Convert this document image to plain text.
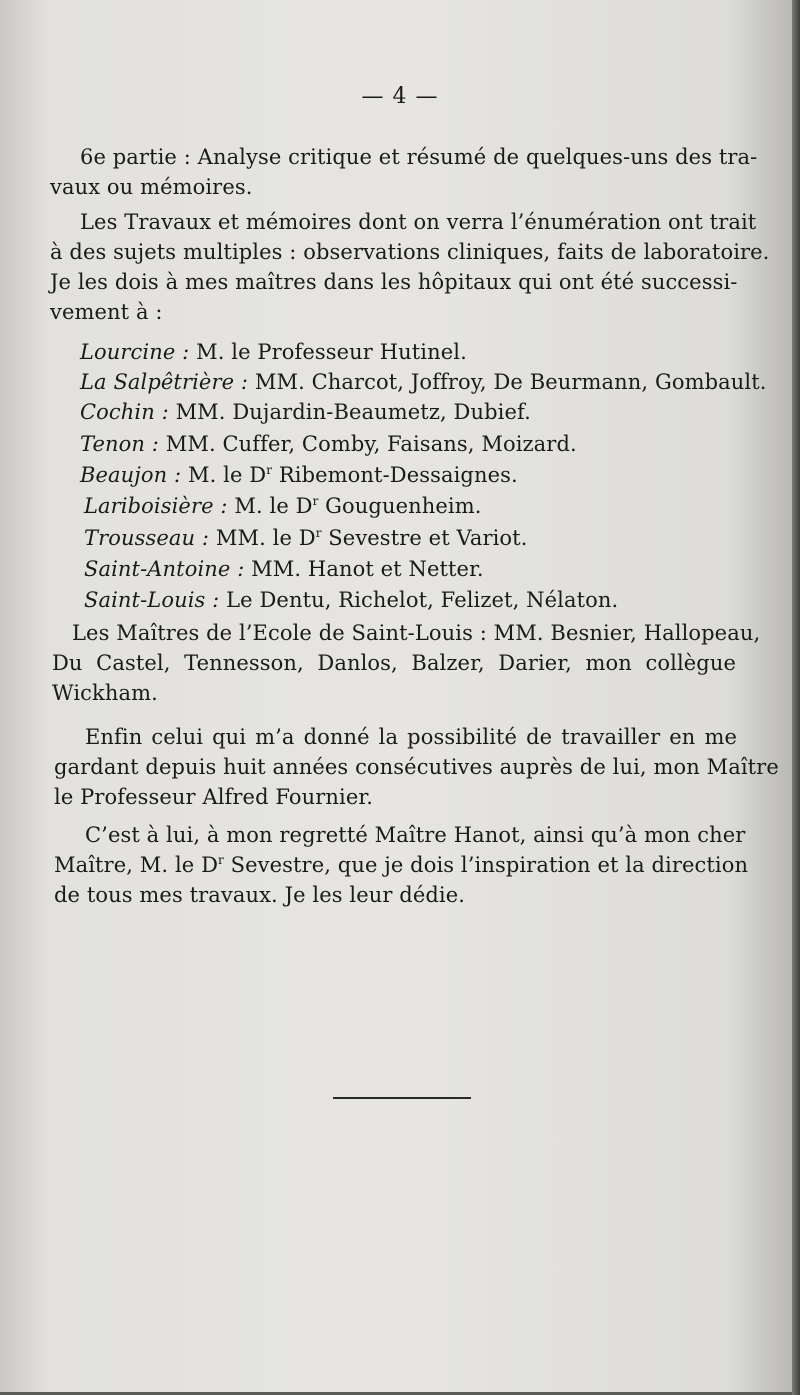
— 4 —
6e partie : Analyse critique et résumé de quelques-uns des tra-
vaux ou mémoires.
Les Travaux et mémoires dont on verra l’énumération ont trait
à des sujets multiples : observations cliniques, faits de laboratoire.
Je les dois à mes maîtres dans les hôpitaux qui ont été successi-
vement à :
Lourcine : M. le Professeur Hutinel.
La Salpêtrière : MM. Charcot, Joffroy, De Beurmann, Gombault.
Cochin : MM. Dujardin-Beaumetz, Dubief.
Tenon : MM. Cuffer, Comby, Faisans, Moizard.
Beaujon : M. le $D^r$ Ribemont-Dessaignes.
Lariboisière : M. le $D^r$ Gouguenheim.
Trousseau : MM. le $D^r$ Sevestre et Variot.
Saint-Antoine : MM. Hanot et Netter.
Saint-Louis : Le Dentu, Richelot, Felizet, Nélaton.
Les Maîtres de l’Ecole de Saint-Louis : MM. Besnier, Hallopeau,
Du Castel, Tennesson, Danlos, Balzer, Darier, mon collègue
Wickham.
Enfin celui qui m’a donné la possibilité de travailler en me
gardant depuis huit années consécutives auprès de lui, mon Maître
le Professeur Alfred Fournier.
C’est à lui, à mon regretté Maître Hanot, ainsi qu’à mon cher
Maître, M. le $D^r$ Sevestre, que je dois l’inspiration et la direction
de tous mes travaux. Je les leur dédie.
